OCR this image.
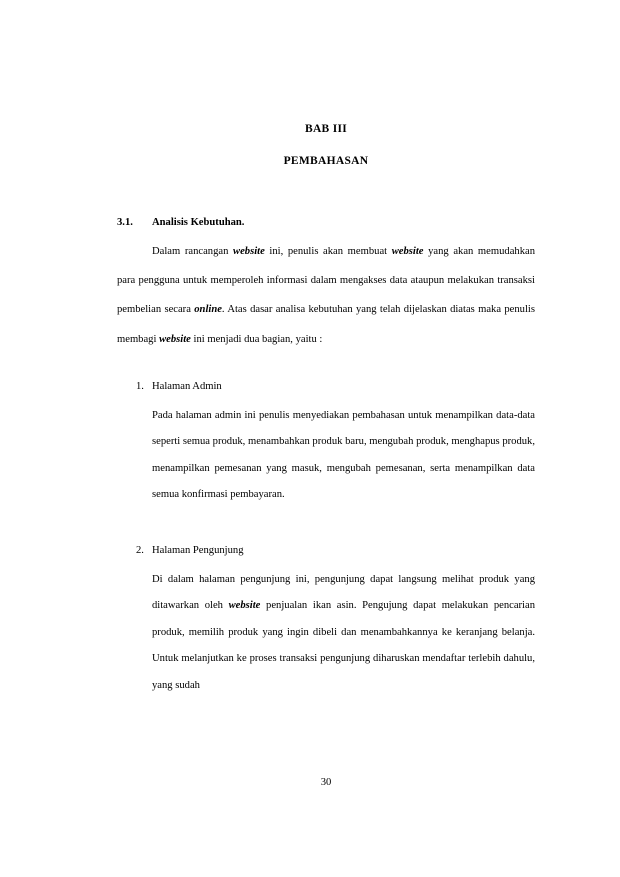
BAB III
PEMBAHASAN
3.1. Analisis Kebutuhan.

Dalam rancangan website ini, penulis akan membuat website yang akan memudahkan para pengguna untuk memperoleh informasi dalam mengakses data ataupun melakukan transaksi pembelian secara online. Atas dasar analisa kebutuhan yang telah dijelaskan diatas maka penulis membagi website ini menjadi dua bagian, yaitu :

1. Halaman Admin

Pada halaman admin ini penulis menyediakan pembahasan untuk menampilkan data-data seperti semua produk, menambahkan produk baru, mengubah produk, menghapus produk, menampilkan pemesanan yang masuk, mengubah pemesanan, serta menampilkan data semua konfirmasi pembayaran.

2. Halaman Pengunjung

Di dalam halaman pengunjung ini, pengunjung dapat langsung melihat produk yang ditawarkan oleh website penjualan ikan asin. Pengujung dapat melakukan pencarian produk, memilih produk yang ingin dibeli dan menambahkannya ke keranjang belanja. Untuk melanjutkan ke proses transaksi pengunjung diharuskan mendaftar terlebih dahulu, yang sudah

30
